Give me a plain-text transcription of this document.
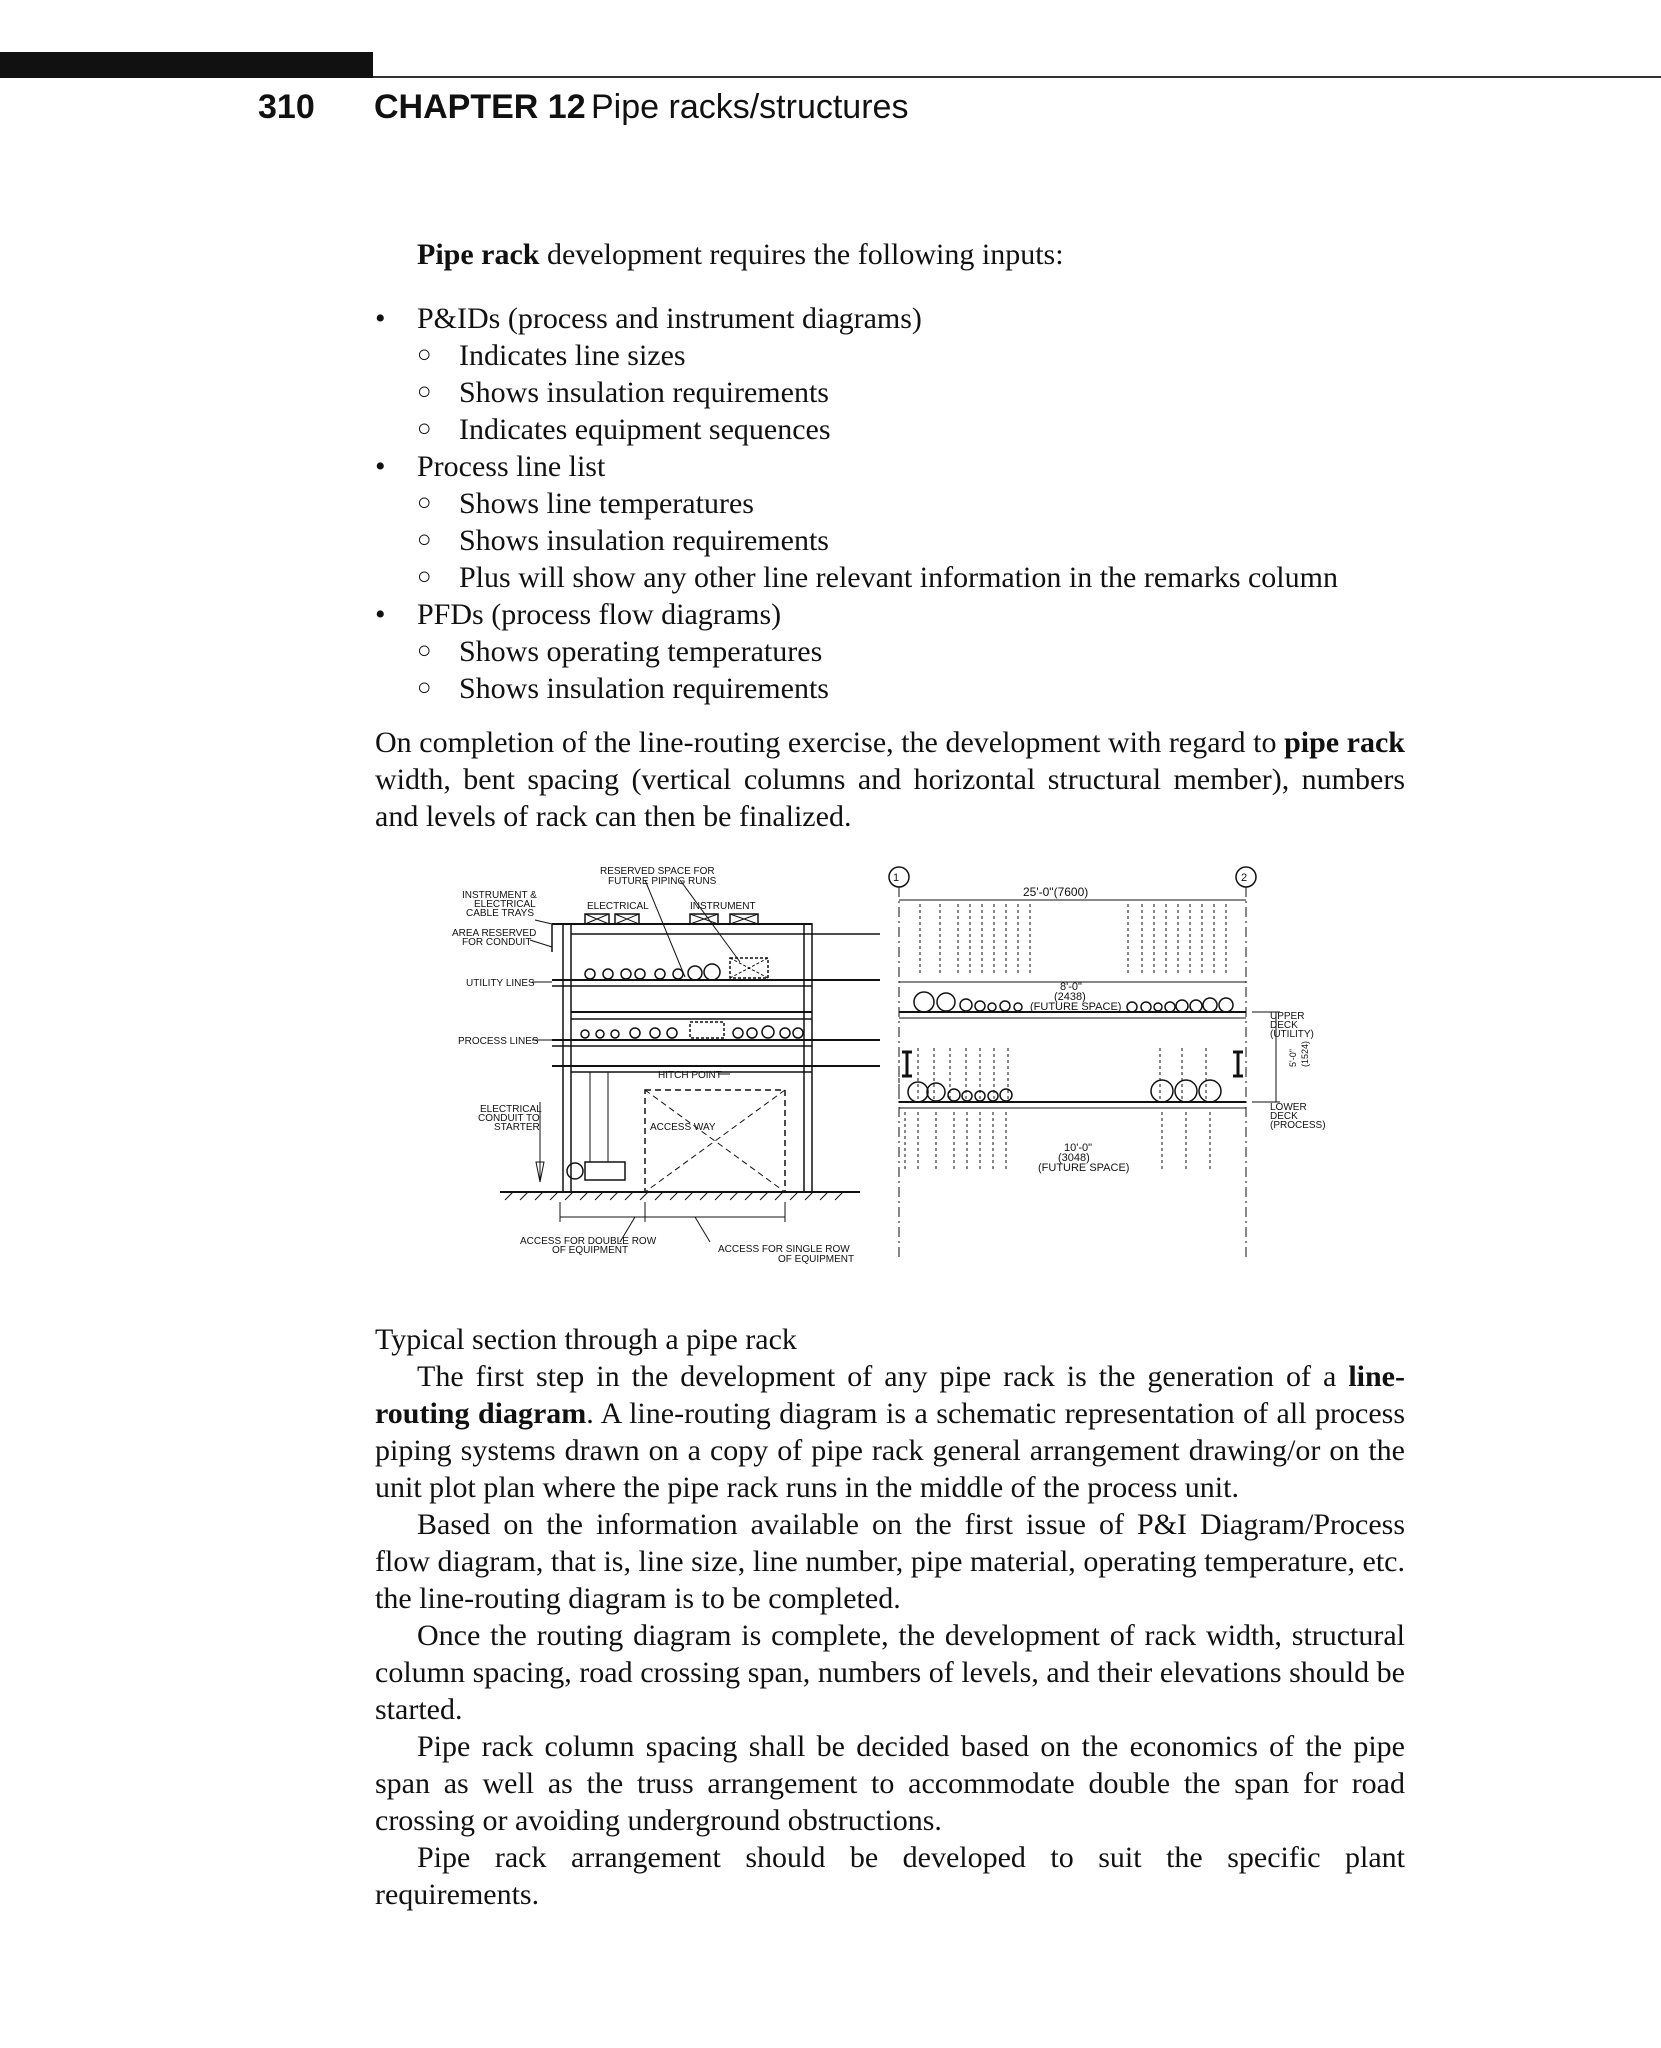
310 CHAPTER 12 Pipe racks/structures

Pipe rack development requires the following inputs:

• P&IDs (process and instrument diagrams)
○ Indicates line sizes
○ Shows insulation requirements
○ Indicates equipment sequences
• Process line list
○ Shows line temperatures
○ Shows insulation requirements
○ Plus will show any other line relevant information in the remarks column
• PFDs (process flow diagrams)
○ Shows operating temperatures
○ Shows insulation requirements

On completion of the line-routing exercise, the development with regard to pipe rack width, bent spacing (vertical columns and horizontal structural member), numbers and levels of rack can then be finalized.

RESERVED SPACE FOR
FUTURE PIPING RUNS
INSTRUMENT &
ELECTRICAL
CABLE TRAYS
AREA RESERVED
FOR CONDUIT
ELECTRICAL	INSTRUMENT
UTILITY LINES
PROCESS LINES
HITCH POINT
ELECTRICAL
CONDUIT TO
STARTER	ACCESS WAY
ACCESS FOR DOUBLE ROW
OF EQUIPMENT	ACCESS FOR SINGLE ROW
OF EQUIPMENT
1	2
25'-0"(7600)
8'-0"
(2438)
(FUTURE SPACE)
10'-0"
(3048)
(FUTURE SPACE)
UPPER
DECK
(UTILITY)
LOWER
DECK
(PROCESS)
5'-0" (1524)

Typical section through a pipe rack

The first step in the development of any pipe rack is the generation of a line-routing diagram. A line-routing diagram is a schematic representation of all process piping systems drawn on a copy of pipe rack general arrangement drawing/or on the unit plot plan where the pipe rack runs in the middle of the process unit.

Based on the information available on the first issue of P&I Diagram/Process flow diagram, that is, line size, line number, pipe material, operating temperature, etc. the line-routing diagram is to be completed.

Once the routing diagram is complete, the development of rack width, structural column spacing, road crossing span, numbers of levels, and their elevations should be started.

Pipe rack column spacing shall be decided based on the economics of the pipe span as well as the truss arrangement to accommodate double the span for road crossing or avoiding underground obstructions.

Pipe rack arrangement should be developed to suit the specific plant requirements.
